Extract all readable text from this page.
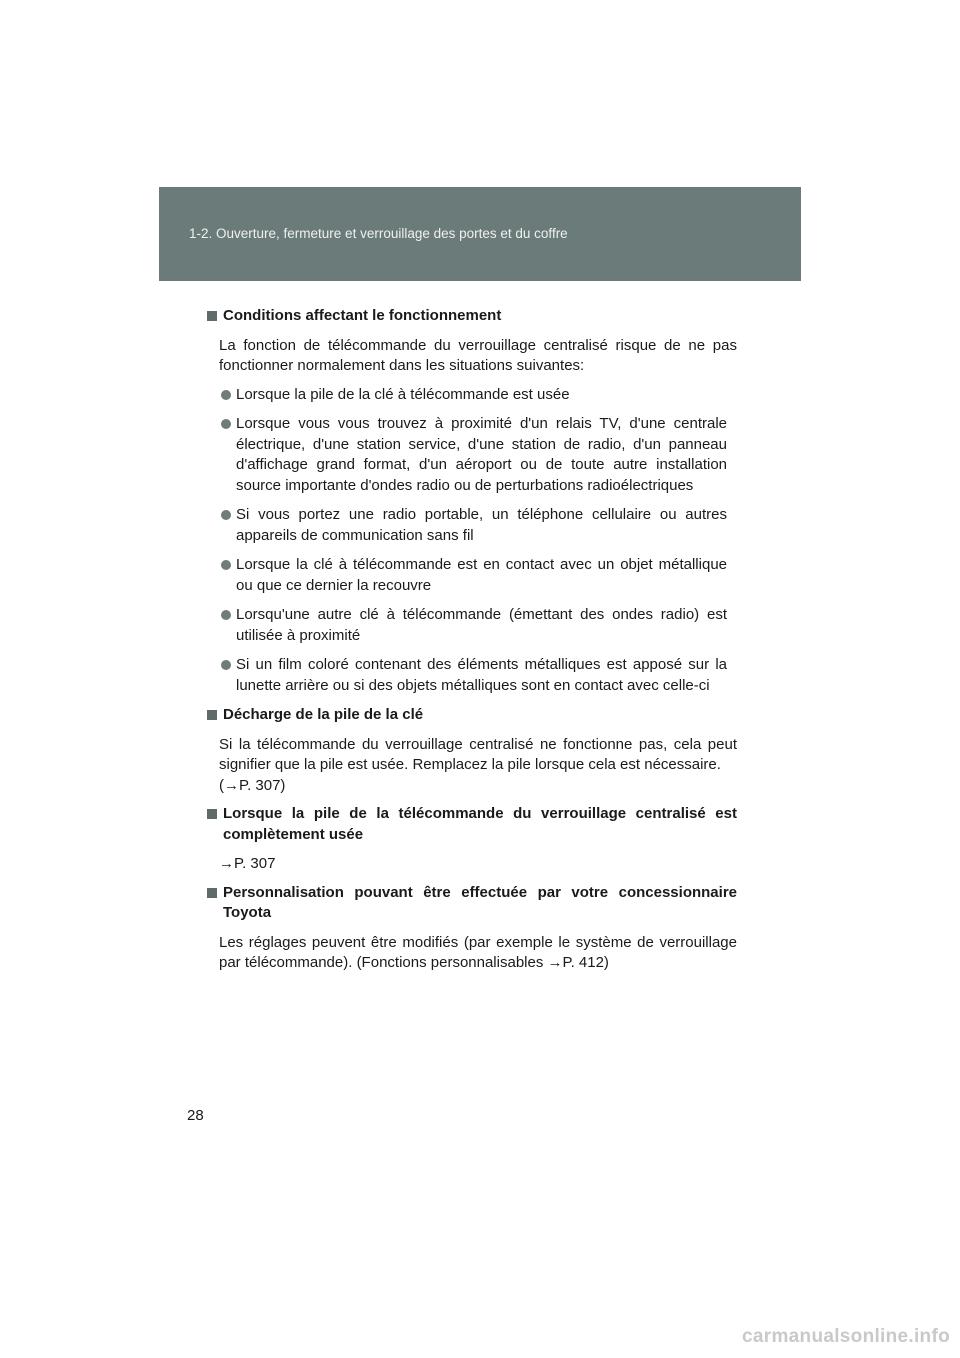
1-2. Ouverture, fermeture et verrouillage des portes et du coffre
Conditions affectant le fonctionnement
La fonction de télécommande du verrouillage centralisé risque de ne pas fonctionner normalement dans les situations suivantes:
Lorsque la pile de la clé à télécommande est usée
Lorsque vous vous trouvez à proximité d'un relais TV, d'une centrale électrique, d'une station service, d'une station de radio, d'un panneau d'affichage grand format, d'un aéroport ou de toute autre installation source importante d'ondes radio ou de perturbations radioélectriques
Si vous portez une radio portable, un téléphone cellulaire ou autres appareils de communication sans fil
Lorsque la clé à télécommande est en contact avec un objet métallique ou que ce dernier la recouvre
Lorsqu'une autre clé à télécommande (émettant des ondes radio) est utilisée à proximité
Si un film coloré contenant des éléments métalliques est apposé sur la lunette arrière ou si des objets métalliques sont en contact avec celle-ci
Décharge de la pile de la clé
Si la télécommande du verrouillage centralisé ne fonctionne pas, cela peut signifier que la pile est usée. Remplacez la pile lorsque cela est nécessaire.
(→P. 307)
Lorsque la pile de la télécommande du verrouillage centralisé est complètement usée
→P. 307
Personnalisation pouvant être effectuée par votre concessionnaire Toyota
Les réglages peuvent être modifiés (par exemple le système de verrouillage par télécommande). (Fonctions personnalisables →P. 412)
28
carmanualsonline.info
